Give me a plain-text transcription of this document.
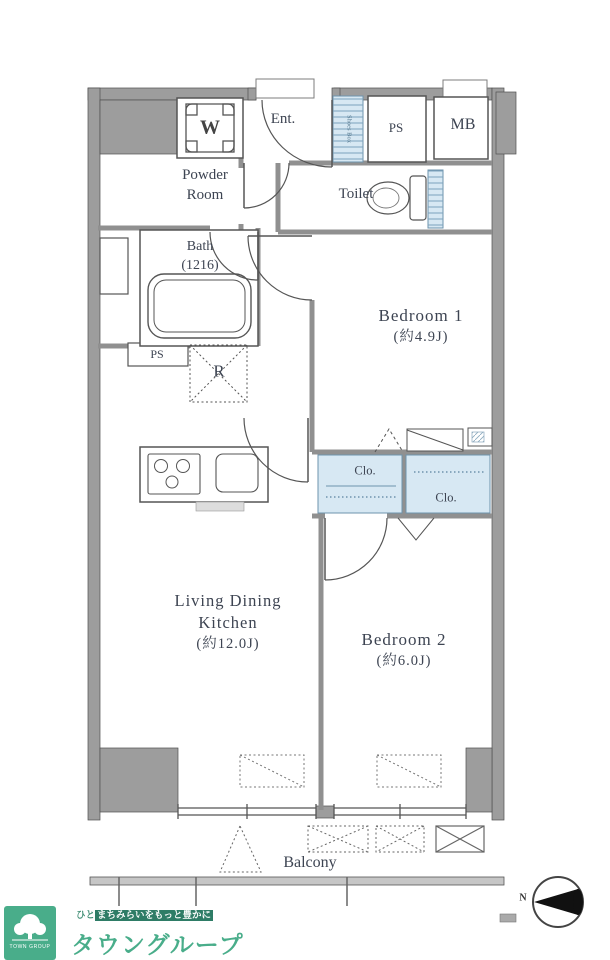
Ent.	Shoes Box	PS	MB
W
Powder
Room	Toilet
Bath
(1216)
PS
R
Bedroom 1
(約4.9J)
Clo.
Clo.
Living Dining
Kitchen
(約12.0J)	Bedroom 2
(約6.0J)
Balcony
N
TOWN GROUP
ひと まちみらいをもっと豊かに
タウングループ
